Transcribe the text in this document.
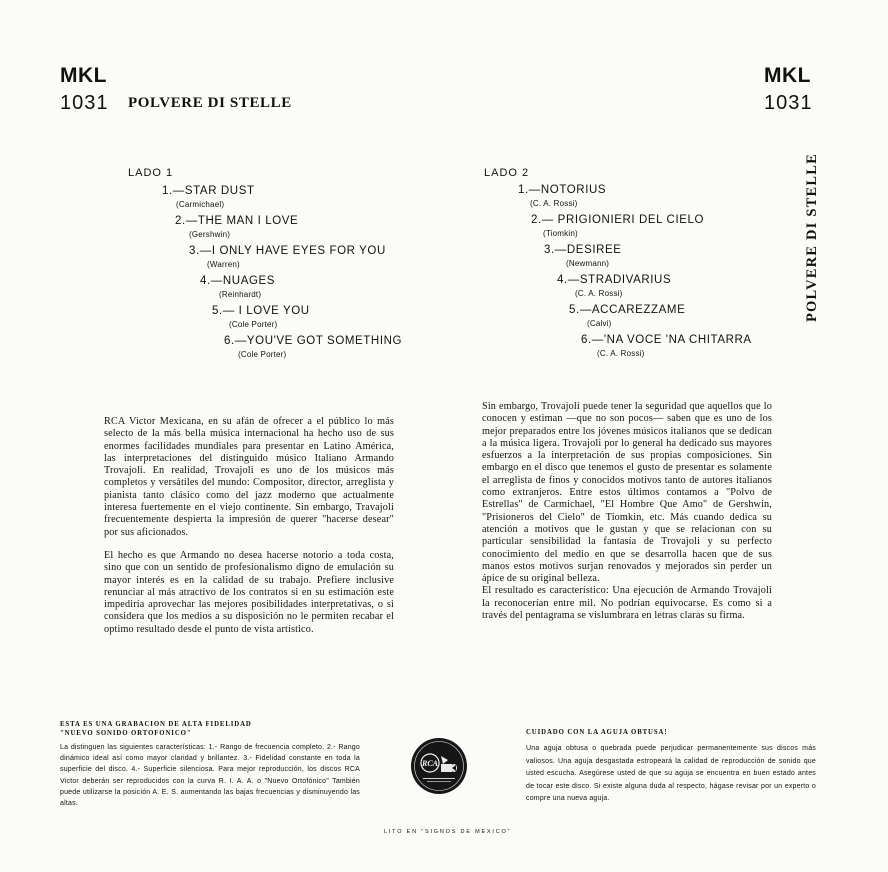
MKL
1031 POLVERE DI STELLE
MKL
1031
POLVERE DI STELLE
LADO 1
1.—STAR DUST
(Carmichael)
2.—THE MAN I LOVE
(Gershwin)
3.—I ONLY HAVE EYES FOR YOU
(Warren)
4.—NUAGES
(Reinhardt)
5.— I LOVE YOU
(Cole Porter)
6.—YOU'VE GOT SOMETHING
(Cole Porter)
LADO 2
1.—NOTORIUS
(C. A. Rossi)
2.— PRIGIONIERI DEL CIELO
(Tiomkin)
3.—DESIREE
(Newmann)
4.—STRADIVARIUS
(C. A. Rossi)
5.—ACCAREZZAME
(Calvi)
6.—'NA VOCE 'NA CHITARRA
(C. A. Rossi)

RCA Victor Mexicana, en su afán de ofrecer a el público lo más selecto de la más bella música internacional ha hecho uso de sus enormes facilidades mundiales para presentar en Latino América, las interpretaciones del distinguido músico Italiano Armando Trovajoli. En realidad, Trovajoli es uno de los músicos más completos y versátiles del mundo: Compositor, director, arreglista y pianista tanto clásico como del jazz moderno que actualmente interesa fuertemente en el viejo continente. Sin embargo, Travajoli frecuentemente despierta la impresión de querer "hacerse desear" por sus aficionados.

El hecho es que Armando no desea hacerse notorio a toda costa, sino que con un sentido de profesionalismo digno de emulación su mayor interés es en la calidad de su trabajo. Prefiere inclusive renunciar al más atractivo de los contratos si en su estimación este impediría aprovechar las mejores posibilidades interpretativas, o si considera que los medios a su disposición no le permiten recabar el optimo resultado desde el punto de vista artístico.

Sin embargo, Trovajoli puede tener la seguridad que aquellos que lo conocen y estiman —que no son pocos— saben que es uno de los mejor preparados entre los jóvenes músicos italianos que se dedican a la música ligera. Trovajoli por lo general ha dedicado sus mayores esfuerzos a la interpretación de sus propias composiciones. Sin embargo en el disco que tenemos el gusto de presentar es solamente el arreglista de finos y conocidos motivos tanto de autores italianos como extranjeros. Entre estos últimos contamos a "Polvo de Estrellas" de Carmichael, "El Hombre Que Amo" de Gershwin, "Prisioneros del Cielo" de Tiomkin, etc. Más cuando dedica su atención a motivos que le gustan y que se relacionan con su particular sensibilidad la fantasía de Trovajoli y su perfecto conocimiento del medio en que se desarrolla hacen que de sus manos estos motivos surjan renovados y mejorados sin perder un ápice de su original belleza.

El resultado es característico: Una ejecución de Armando Trovajoli la reconocerían entre mil. No podrían equivocarse. Es como si a través del pentagrama se vislumbrara en letras claras su firma.

ESTA ES UNA GRABACION DE ALTA FIDELIDAD
"NUEVO SONIDO ORTOFONICO"
La distinguen las siguientes características: 1.- Rango de frecuencia completo. 2.- Rango dinámico ideal así como mayor claridad y brillantez. 3.- Fidelidad constante en toda la superficie del disco. 4.- Superficie silenciosa. Para mejor reproducción, los discos RCA Victor deberán ser reproducidos con la curva R. I. A. A. o "Nuevo Ortofónico" También puede utilizarse la posición A. E. S. aumentando las bajas frecuencias y disminuyendo las altas.
RCA
CUIDADO CON LA AGUJA OBTUSA!
Una aguja obtusa o quebrada puede perjudicar permanentemente sus discos más valiosos. Una aguja desgastada estropeará la calidad de reproducción de sonido que usted escucha. Asegúrese usted de que su aguja se encuentra en buen estado antes de tocar este disco. Si existe alguna duda al respecto, hágase revisar por un experto o compre una nueva aguja.
LITO EN "SIGNOS DE MEXICO"
